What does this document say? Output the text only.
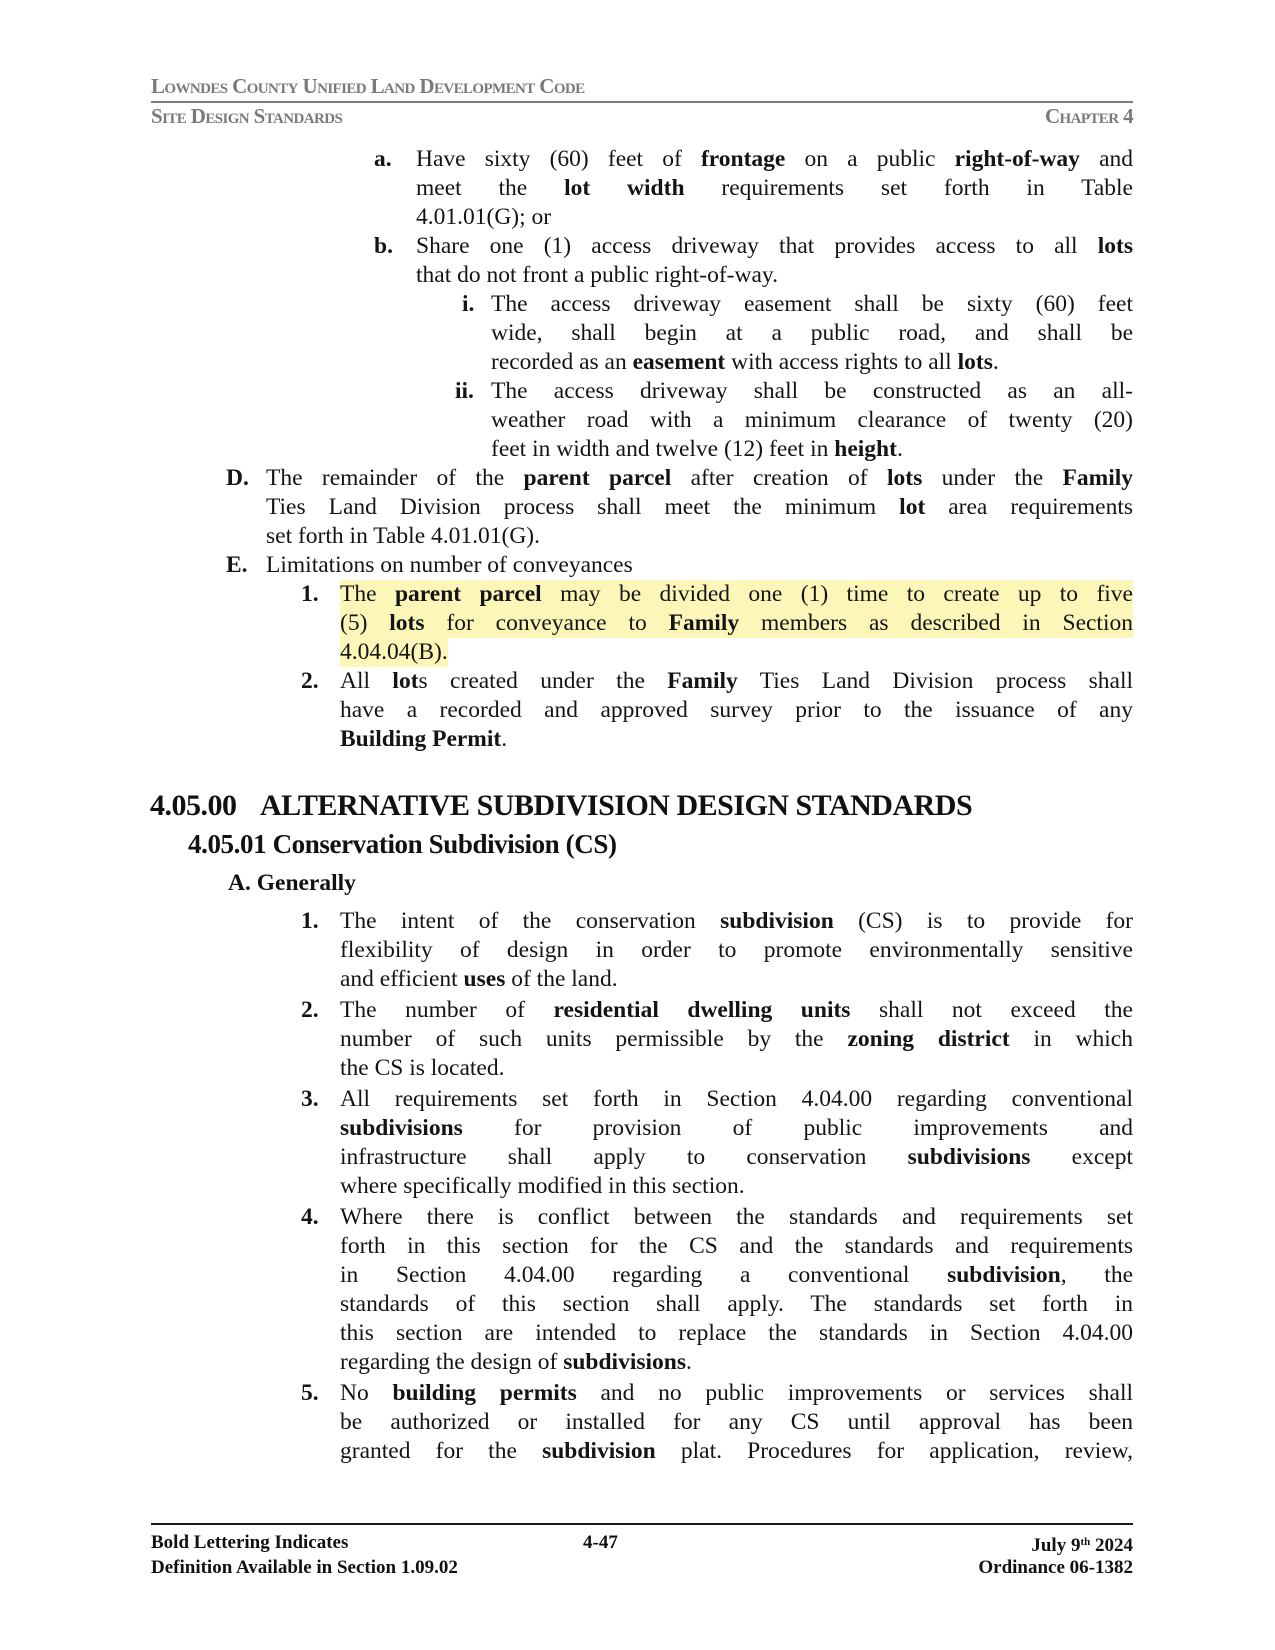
Lowndes County Unified Land Development Code
Site Design Standards	Chapter 4
a. Have sixty (60) feet of frontage on a public right-of-way and
meet the lot width requirements set forth in Table
4.01.01(G); or
b. Share one (1) access driveway that provides access to all lots
that do not front a public right-of-way.
i. The access driveway easement shall be sixty (60) feet
wide, shall begin at a public road, and shall be
recorded as an easement with access rights to all lots.
ii. The access driveway shall be constructed as an all-
weather road with a minimum clearance of twenty (20)
feet in width and twelve (12) feet in height.
D. The remainder of the parent parcel after creation of lots under the Family
Ties Land Division process shall meet the minimum lot area requirements
set forth in Table 4.01.01(G).
E. Limitations on number of conveyances
1. The parent parcel may be divided one (1) time to create up to five
(5) lots for conveyance to Family members as described in Section
4.04.04(B).
2. All lots created under the Family Ties Land Division process shall
have a recorded and approved survey prior to the issuance of any
Building Permit.
4.05.00 ALTERNATIVE SUBDIVISION DESIGN STANDARDS
4.05.01 Conservation Subdivision (CS)
A. Generally
1. The intent of the conservation subdivision (CS) is to provide for
flexibility of design in order to promote environmentally sensitive
and efficient uses of the land.
2. The number of residential dwelling units shall not exceed the
number of such units permissible by the zoning district in which
the CS is located.
3. All requirements set forth in Section 4.04.00 regarding conventional
subdivisions for provision of public improvements and
infrastructure shall apply to conservation subdivisions except
where specifically modified in this section.
4. Where there is conflict between the standards and requirements set
forth in this section for the CS and the standards and requirements
in Section 4.04.00 regarding a conventional subdivision, the
standards of this section shall apply. The standards set forth in
this section are intended to replace the standards in Section 4.04.00
regarding the design of subdivisions.
5. No building permits and no public improvements or services shall
be authorized or installed for any CS until approval has been
granted for the subdivision plat. Procedures for application, review,
Bold Lettering Indicates
Definition Available in Section 1.09.02
4-47	July 9th 2024
Ordinance 06-1382
